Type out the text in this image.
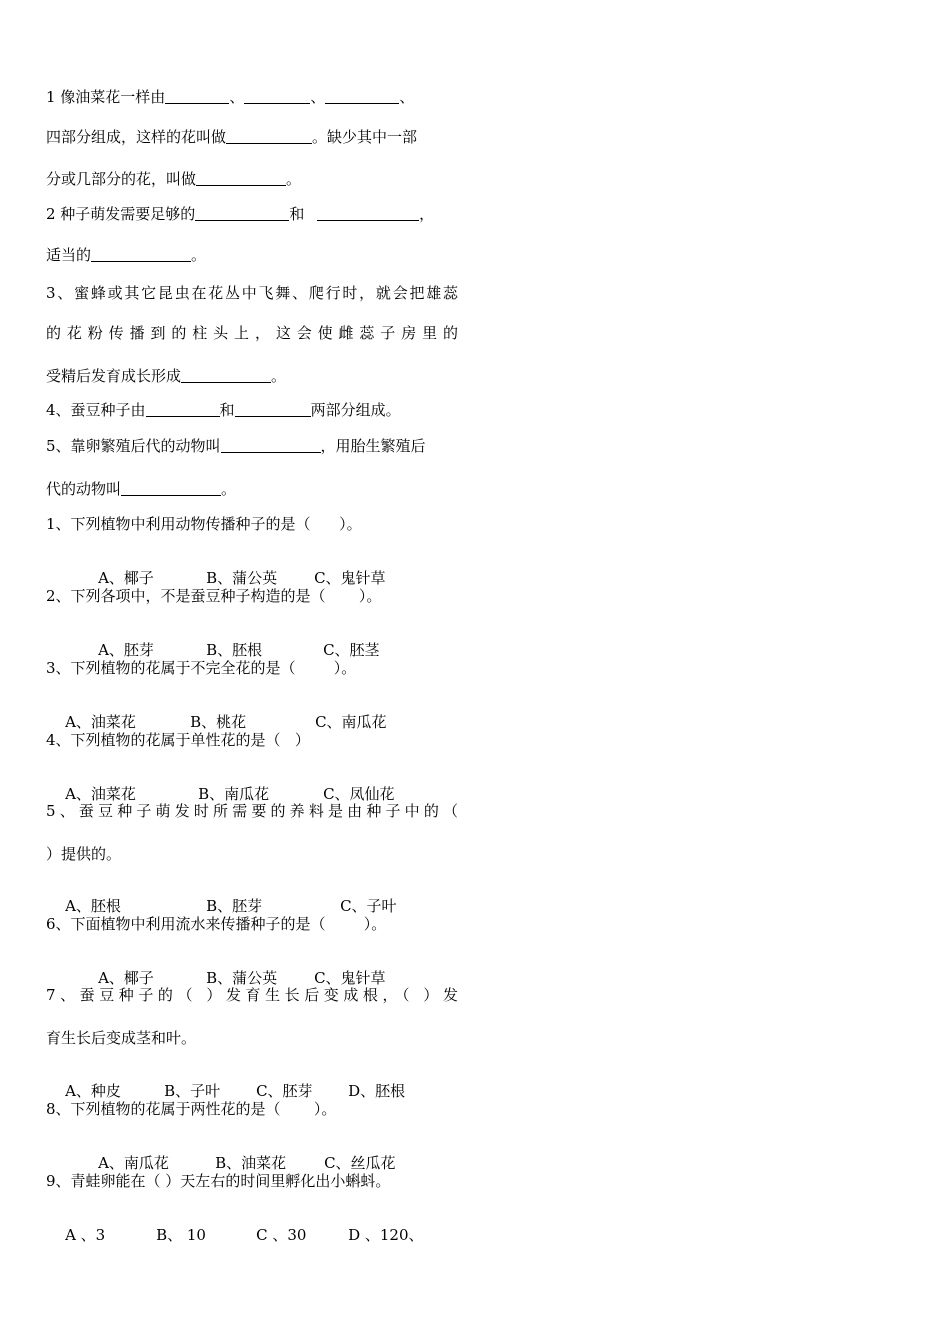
1 像油菜花一样由	、	、	、
四部分组成，这样的花叫做	。缺少其中一部
分或几部分的花，叫做	。
2 种子萌发需要足够的	和	，
适当的	。
3、蜜蜂或其它昆虫在花丛中飞舞、爬行时，就会把雄蕊
的花粉传播到的柱头上，这会使雌蕊子房里的
受精后发育成长形成	。
4、蚕豆种子由	和	两部分组成。
5、靠卵繁殖后代的动物叫	，用胎生繁殖后
代的动物叫	。
1、下列植物中利用动物传播种子的是（      ）。

A、椰子	B、蒲公英 C、鬼针草

2、下列各项中，不是蚕豆种子构造的是（       ）。

A、胚芽	B、胚根	C、胚茎

3、下列植物的花属于不完全花的是（        ）。

A、油菜花	B、桃花	C、南瓜花

4、下列植物的花属于单性花的是（   ）

A、油菜花	B、南瓜花	C、凤仙花

5、蚕豆种子萌发时所需要的养料是由种子中的（
）提供的。

A、胚根	B、胚芽	C、子叶

6、下面植物中利用流水来传播种子的是（        ）。

A、椰子	B、蒲公英 C、鬼针草

7、蚕豆种子的（ ）发育生长后变成根，（ ）发
育生长后变成茎和叶。

A、种皮	B、子叶 C、胚芽 D、胚根

8、下列植物的花属于两性花的是（       ）。

A、南瓜花	B、油菜花	C、丝瓜花

9、青蛙卵能在（ ）天左右的时间里孵化出小蝌蚪。

A 、3	B、 10	C 、30	D 、120、
